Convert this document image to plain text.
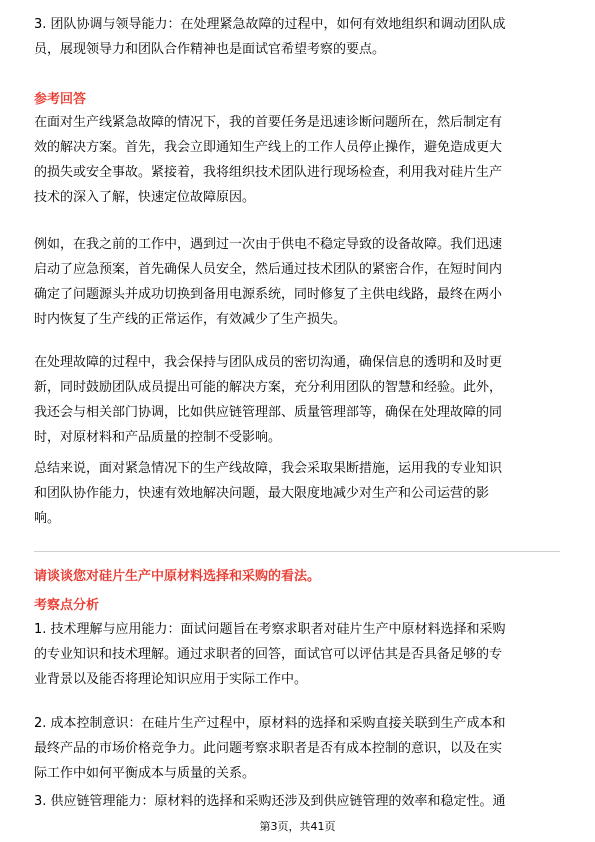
3. 团队协调与领导能力：在处理紧急故障的过程中，如何有效地组织和调动团队成
员，展现领导力和团队合作精神也是面试官希望考察的要点。

参考回答

在面对生产线紧急故障的情况下，我的首要任务是迅速诊断问题所在，然后制定有
效的解决方案。首先，我会立即通知生产线上的工作人员停止操作，避免造成更大
的损失或安全事故。紧接着，我将组织技术团队进行现场检查，利用我对硅片生产
技术的深入了解，快速定位故障原因。

例如，在我之前的工作中，遇到过一次由于供电不稳定导致的设备故障。我们迅速
启动了应急预案，首先确保人员安全，然后通过技术团队的紧密合作，在短时间内
确定了问题源头并成功切换到备用电源系统，同时修复了主供电线路，最终在两小
时内恢复了生产线的正常运作，有效减少了生产损失。

在处理故障的过程中，我会保持与团队成员的密切沟通，确保信息的透明和及时更
新，同时鼓励团队成员提出可能的解决方案，充分利用团队的智慧和经验。此外，
我还会与相关部门协调，比如供应链管理部、质量管理部等，确保在处理故障的同
时，对原材料和产品质量的控制不受影响。

总结来说，面对紧急情况下的生产线故障，我会采取果断措施，运用我的专业知识
和团队协作能力，快速有效地解决问题，最大限度地减少对生产和公司运营的影
响。

请谈谈您对硅片生产中原材料选择和采购的看法。

考察点分析

1. 技术理解与应用能力：面试问题旨在考察求职者对硅片生产中原材料选择和采购
的专业知识和技术理解。通过求职者的回答，面试官可以评估其是否具备足够的专
业背景以及能否将理论知识应用于实际工作中。

2. 成本控制意识：在硅片生产过程中，原材料的选择和采购直接关联到生产成本和
最终产品的市场价格竞争力。此问题考察求职者是否有成本控制的意识，以及在实
际工作中如何平衡成本与质量的关系。

3. 供应链管理能力：原材料的选择和采购还涉及到供应链管理的效率和稳定性。通

第3页，共41页
